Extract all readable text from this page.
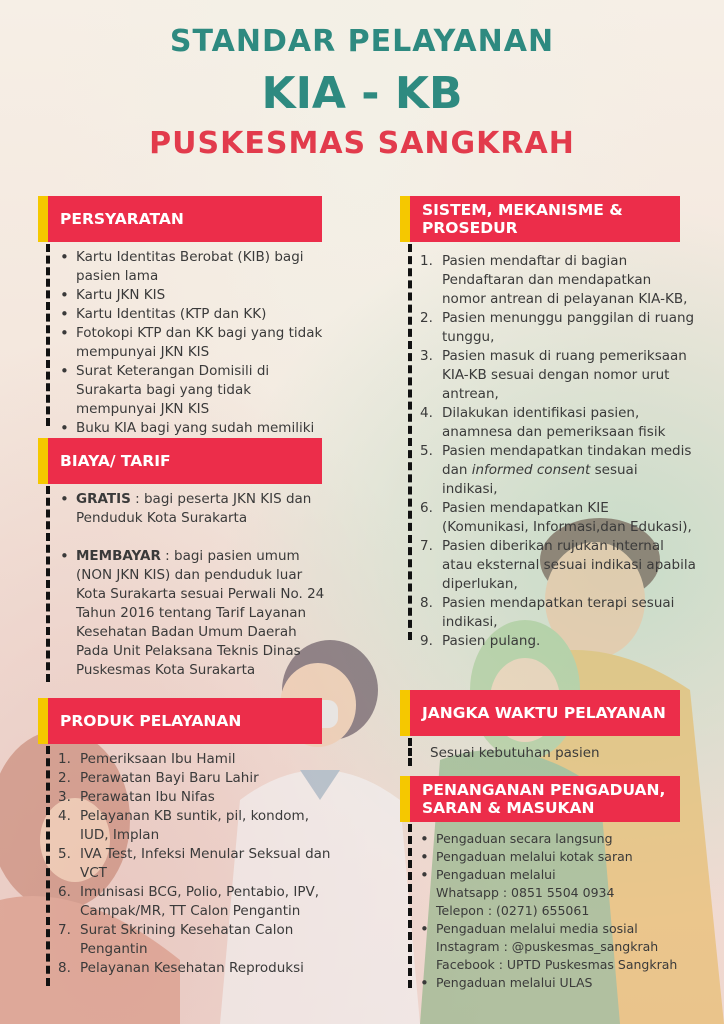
STANDAR PELAYANAN
KIA - KB
PUSKESMAS SANGKRAH
PERSYARATAN
• Kartu Identitas Berobat (KIB) bagi pasien lama
• Kartu JKN KIS
• Kartu Identitas (KTP dan KK)
• Fotokopi KTP dan KK bagi yang tidak mempunyai JKN KIS
• Surat Keterangan Domisili di Surakarta bagi yang tidak mempunyai JKN KIS
• Buku KIA bagi yang sudah memiliki
BIAYA/ TARIF
• GRATIS : bagi peserta JKN KIS dan Penduduk Kota Surakarta
• MEMBAYAR : bagi pasien umum (NON JKN KIS) dan penduduk luar Kota Surakarta sesuai Perwali No. 24 Tahun 2016 tentang Tarif Layanan Kesehatan Badan Umum Daerah Pada Unit Pelaksana Teknis Dinas Puskesmas Kota Surakarta
PRODUK PELAYANAN
1. Pemeriksaan Ibu Hamil
2. Perawatan Bayi Baru Lahir
3. Perawatan Ibu Nifas
4. Pelayanan KB suntik, pil, kondom, IUD, Implan
5. IVA Test, Infeksi Menular Seksual dan VCT
6. Imunisasi BCG, Polio, Pentabio, IPV, Campak/MR, TT Calon Pengantin
7. Surat Skrining Kesehatan Calon Pengantin
8. Pelayanan Kesehatan Reproduksi
SISTEM, MEKANISME & PROSEDUR
1. Pasien mendaftar di bagian Pendaftaran dan mendapatkan nomor antrean di pelayanan KIA-KB,
2. Pasien menunggu panggilan di ruang tunggu,
3. Pasien masuk di ruang pemeriksaan KIA-KB sesuai dengan nomor urut antrean,
4. Dilakukan identifikasi pasien, anamnesa dan pemeriksaan fisik
5. Pasien mendapatkan tindakan medis dan informed consent sesuai indikasi,
6. Pasien mendapatkan KIE (Komunikasi, Informasi,dan Edukasi),
7. Pasien diberikan rujukan internal atau eksternal sesuai indikasi apabila diperlukan,
8. Pasien mendapatkan terapi sesuai indikasi,
9. Pasien pulang.
JANGKA WAKTU PELAYANAN
Sesuai kebutuhan pasien
PENANGANAN PENGADUAN, SARAN & MASUKAN
• Pengaduan secara langsung
• Pengaduan melalui kotak saran
• Pengaduan melalui
Whatsapp : 0851 5504 0934
Telepon : (0271) 655061
• Pengaduan melalui media sosial
Instagram : @puskesmas_sangkrah
Facebook : UPTD Puskesmas Sangkrah
• Pengaduan melalui ULAS
